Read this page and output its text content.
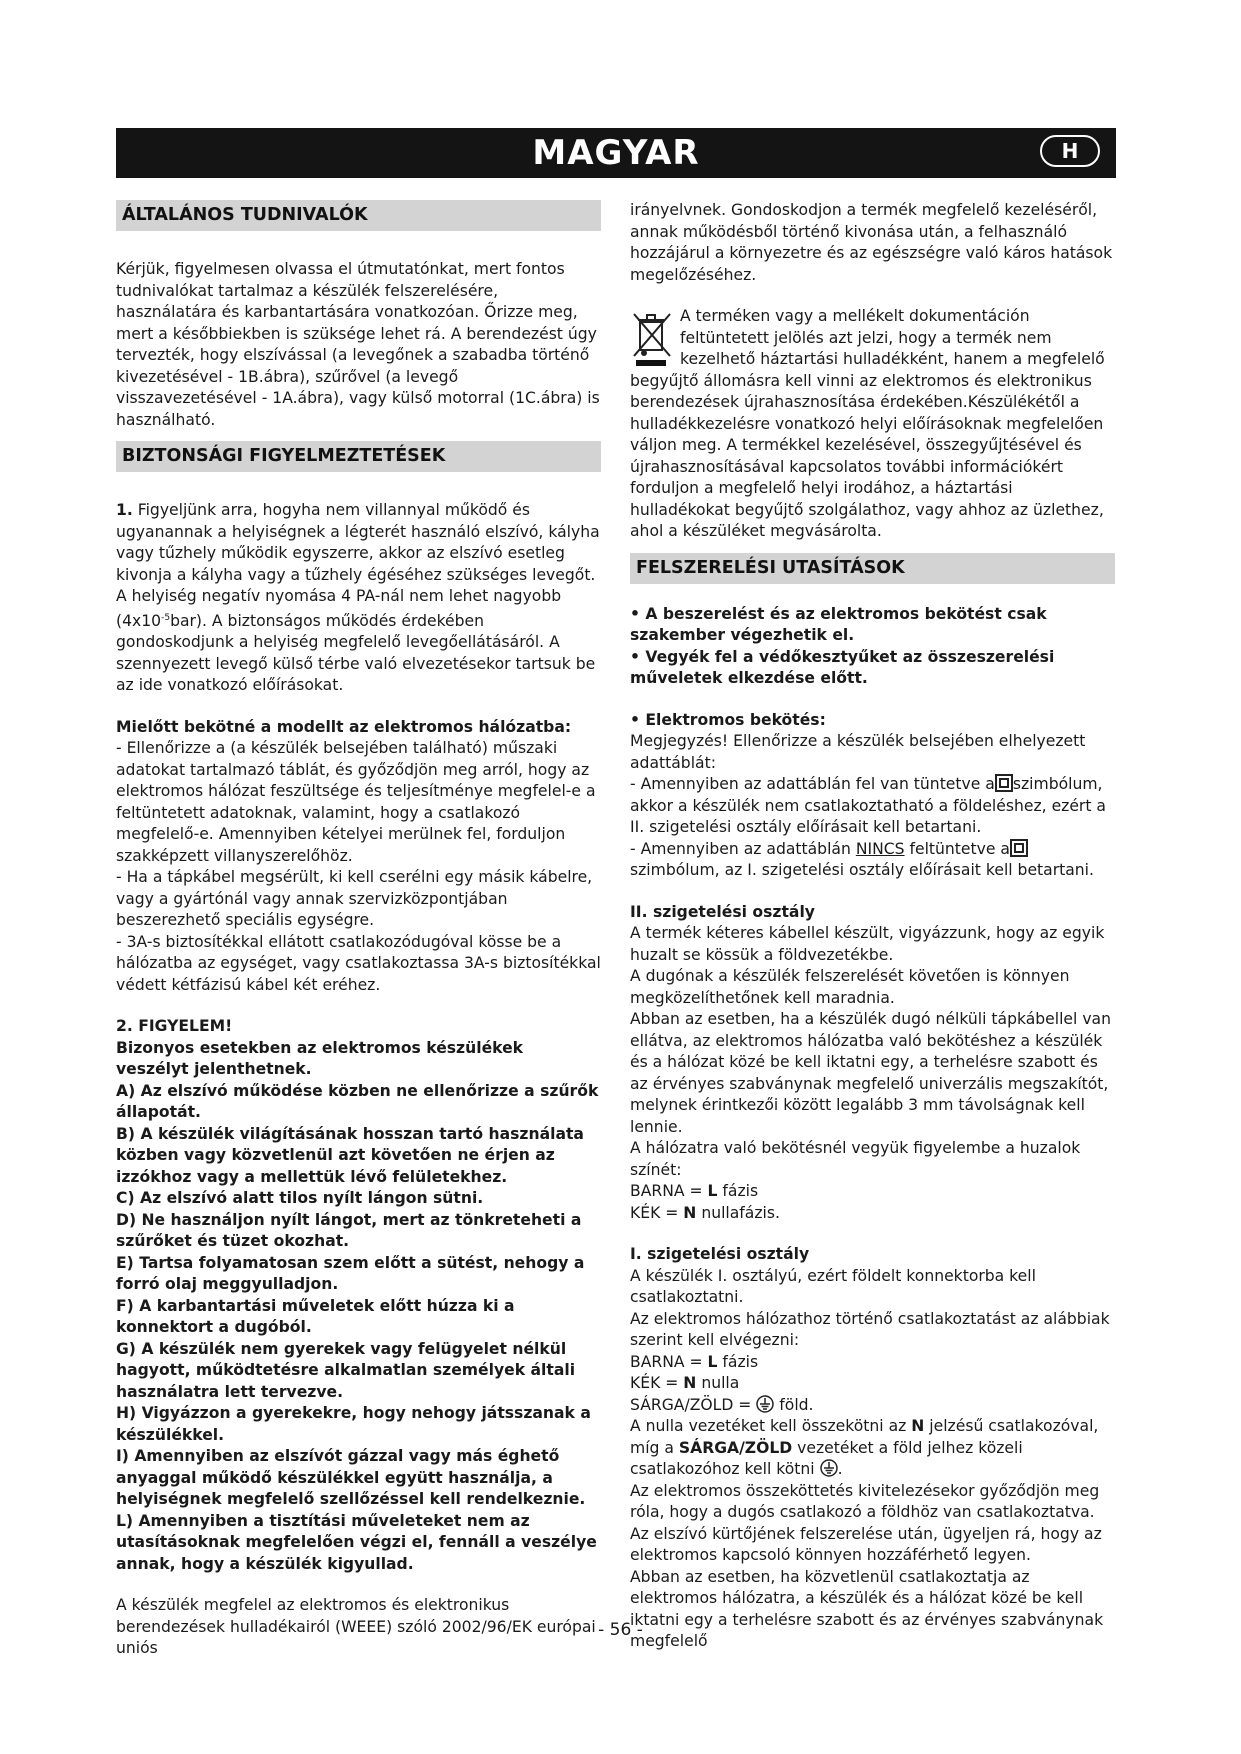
MAGYAR	H
ÁLTALÁNOS TUDNIVALÓK

Kérjük, figyelmesen olvassa el útmutatónkat, mert fontos tudnivalókat tartalmaz a készülék felszerelésére, használatára és karbantartására vonatkozóan. Őrizze meg, mert a későbbiekben is szüksége lehet rá. A berendezést úgy tervezték, hogy elszívással (a levegőnek a szabadba történő kivezetésével - 1B.ábra), szűrővel (a levegő visszavezetésével - 1A.ábra), vagy külső motorral (1C.ábra) is használható.

BIZTONSÁGI FIGYELMEZTETÉSEK

1. Figyeljünk arra, hogyha nem villannyal működő és ugyanannak a helyiségnek a légterét használó elszívó, kályha vagy tűzhely működik egyszerre, akkor az elszívó esetleg kivonja a kályha vagy a tűzhely égéséhez szükséges levegőt. A helyiség negatív nyomása 4 PA-nál nem lehet nagyobb $(4x10^{-5}bar)$. A biztonságos működés érdekében gondoskodjunk a helyiség megfelelő levegőellátásáról. A szennyezett levegő külső térbe való elvezetésekor tartsuk be az ide vonatkozó előírásokat.

Mielőtt bekötné a modellt az elektromos hálózatba:

- Ellenőrizze a (a készülék belsejében található) műszaki adatokat tartalmazó táblát, és győződjön meg arról, hogy az elektromos hálózat feszültsége és teljesítménye megfelel-e a feltüntetett adatoknak, valamint, hogy a csatlakozó megfelelő-e. Amennyiben kételyei merülnek fel, forduljon szakképzett villanyszerelőhöz.

- Ha a tápkábel megsérült, ki kell cserélni egy másik kábelre, vagy a gyártónál vagy annak szervizközpontjában beszerezhető speciális egységre.

- 3A-s biztosítékkal ellátott csatlakozódugóval kösse be a hálózatba az egységet, vagy csatlakoztassa 3A-s biztosítékkal védett kétfázisú kábel két eréhez.

2. FIGYELEM!

Bizonyos esetekben az elektromos készülékek veszélyt jelenthetnek.

A) Az elszívó működése közben ne ellenőrizze a szűrők állapotát.

B) A készülék világításának hosszan tartó használata közben vagy közvetlenül azt követően ne érjen az izzókhoz vagy a mellettük lévő felületekhez.

C) Az elszívó alatt tilos nyílt lángon sütni.

D) Ne használjon nyílt lángot, mert az tönkreteheti a szűrőket és tüzet okozhat.

E) Tartsa folyamatosan szem előtt a sütést, nehogy a forró olaj meggyulladjon.

F) A karbantartási műveletek előtt húzza ki a konnektort a dugóból.

G) A készülék nem gyerekek vagy felügyelet nélkül hagyott, működtetésre alkalmatlan személyek általi használatra lett tervezve.

H) Vigyázzon a gyerekekre, hogy nehogy játsszanak a készülékkel.

I) Amennyiben az elszívót gázzal vagy más éghető anyaggal működő készülékkel együtt használja, a helyiségnek megfelelő szellőzéssel kell rendelkeznie.

L) Amennyiben a tisztítási műveleteket nem az utasításoknak megfelelően végzi el, fennáll a veszélye annak, hogy a készülék kigyullad.

A készülék megfelel az elektromos és elektronikus berendezések hulladékairól (WEEE) szóló 2002/96/EK európai uniós

irányelvnek. Gondoskodjon a termék megfelelő kezeléséről, annak működésből történő kivonása után, a felhasználó hozzájárul a környezetre és az egészségre való káros hatások megelőzéséhez.

A terméken vagy a mellékelt dokumentáción feltüntetett jelölés azt jelzi, hogy a termék nem kezelhető háztartási hulladékként, hanem a megfelelő begyűjtő állomásra kell vinni az elektromos és elektronikus berendezések újrahasznosítása érdekében.Készülékétől a hulladékkezelésre vonatkozó helyi előírásoknak megfelelően váljon meg. A termékkel kezelésével, összegyűjtésével és újrahasznosításával kapcsolatos további információkért forduljon a megfelelő helyi irodához, a háztartási hulladékokat begyűjtő szolgálathoz, vagy ahhoz az üzlethez, ahol a készüléket megvásárolta.

FELSZERELÉSI UTASÍTÁSOK

• A beszerelést és az elektromos bekötést csak szakember végezhetik el.

• Vegyék fel a védőkesztyűket az összeszerelési műveletek elkezdése előtt.

• Elektromos bekötés:

Megjegyzés! Ellenőrizze a készülék belsejében elhelyezett adattáblát:

- Amennyiben az adattáblán fel van tüntetve a szimbólum, akkor a készülék nem csatlakoztatható a földeléshez, ezért a II. szigetelési osztály előírásait kell betartani.

- Amennyiben az adattáblán NINCS feltüntetve aszimbólum, az I. szigetelési osztály előírásait kell betartani.

II. szigetelési osztály

A termék kéteres kábellel készült, vigyázzunk, hogy az egyik huzalt se kössük a földvezetékbe.

A dugónak a készülék felszerelését követően is könnyen megközelíthetőnek kell maradnia.

Abban az esetben, ha a készülék dugó nélküli tápkábellel van ellátva, az elektromos hálózatba való bekötéshez a készülék és a hálózat közé be kell iktatni egy, a terhelésre szabott és az érvényes szabványnak megfelelő univerzális megszakítót, melynek érintkezői között legalább 3 mm távolságnak kell lennie.

A hálózatra való bekötésnél vegyük figyelembe a huzalok színét:

BARNA = L fázis

KÉK = N nullafázis.

I. szigetelési osztály

A készülék I. osztályú, ezért földelt konnektorba kell csatlakoztatni.

Az elektromos hálózathoz történő csatlakoztatást az alábbiak szerint kell elvégezni:

BARNA = L fázis

KÉK = N nulla

SÁRGA/ZÖLD =  föld.

A nulla vezetéket kell összekötni az N jelzésű csatlakozóval, míg a SÁRGA/ZÖLD vezetéket a föld jelhez közeli csatlakozóhoz kell kötni .

Az elektromos összeköttetés kivitelezésekor győződjön meg róla, hogy a dugós csatlakozó a földhöz van csatlakoztatva.

Az elszívó kürtőjének felszerelése után, ügyeljen rá, hogy az elektromos kapcsoló könnyen hozzáférhető legyen.

Abban az esetben, ha közvetlenül csatlakoztatja az elektromos hálózatra, a készülék és a hálózat közé be kell iktatni egy a terhelésre szabott és az érvényes szabványnak megfelelő

- 56 -
